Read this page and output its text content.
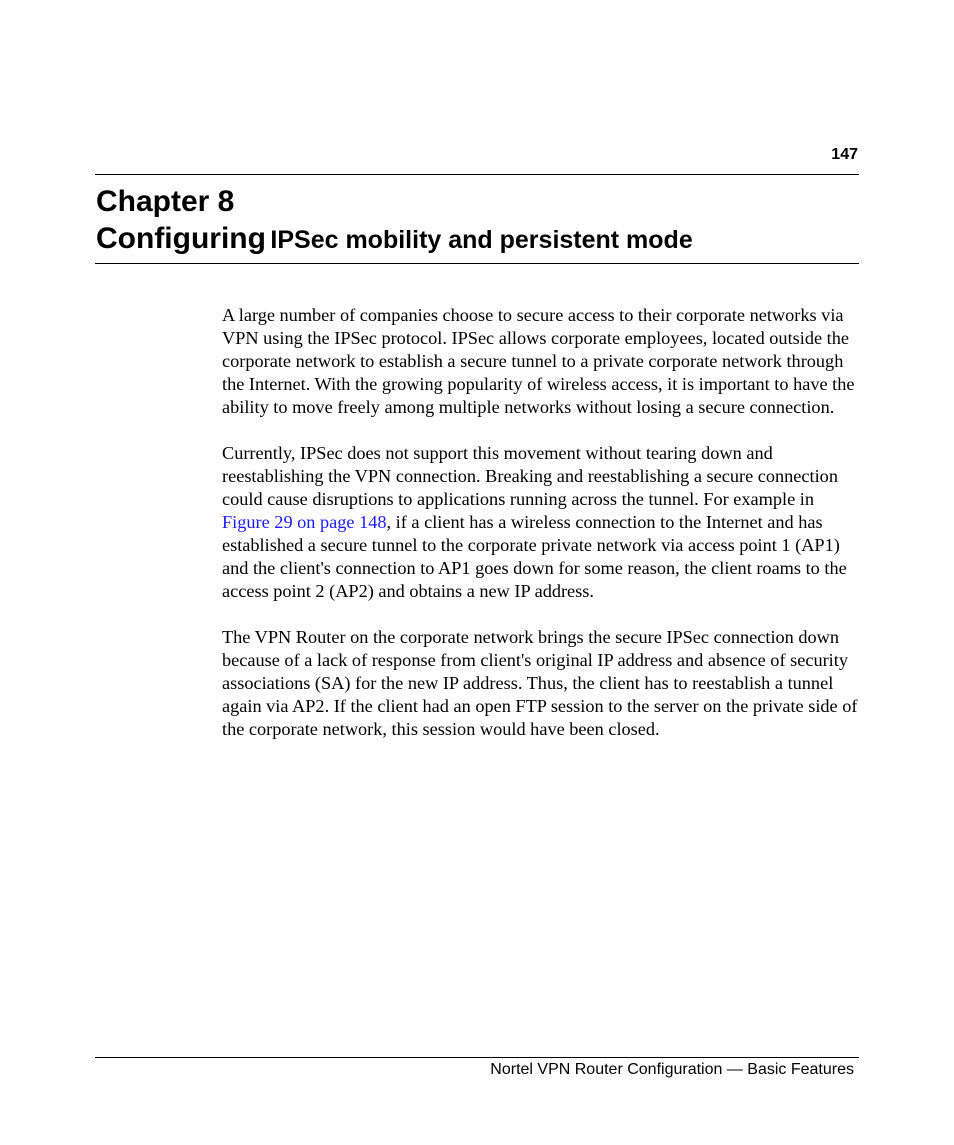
147
Chapter 8
Configuring IPSec mobility and persistent mode

A large number of companies choose to secure access to their corporate networks via VPN using the IPSec protocol. IPSec allows corporate employees, located outside the corporate network to establish a secure tunnel to a private corporate network through the Internet. With the growing popularity of wireless access, it is important to have the ability to move freely among multiple networks without losing a secure connection.

Currently, IPSec does not support this movement without tearing down and reestablishing the VPN connection. Breaking and reestablishing a secure connection could cause disruptions to applications running across the tunnel. For example in Figure 29 on page 148, if a client has a wireless connection to the Internet and has established a secure tunnel to the corporate private network via access point 1 (AP1) and the client's connection to AP1 goes down for some reason, the client roams to the access point 2 (AP2) and obtains a new IP address.

The VPN Router on the corporate network brings the secure IPSec connection down because of a lack of response from client's original IP address and absence of security associations (SA) for the new IP address. Thus, the client has to reestablish a tunnel again via AP2. If the client had an open FTP session to the server on the private side of the corporate network, this session would have been closed.

Nortel VPN Router Configuration — Basic Features
